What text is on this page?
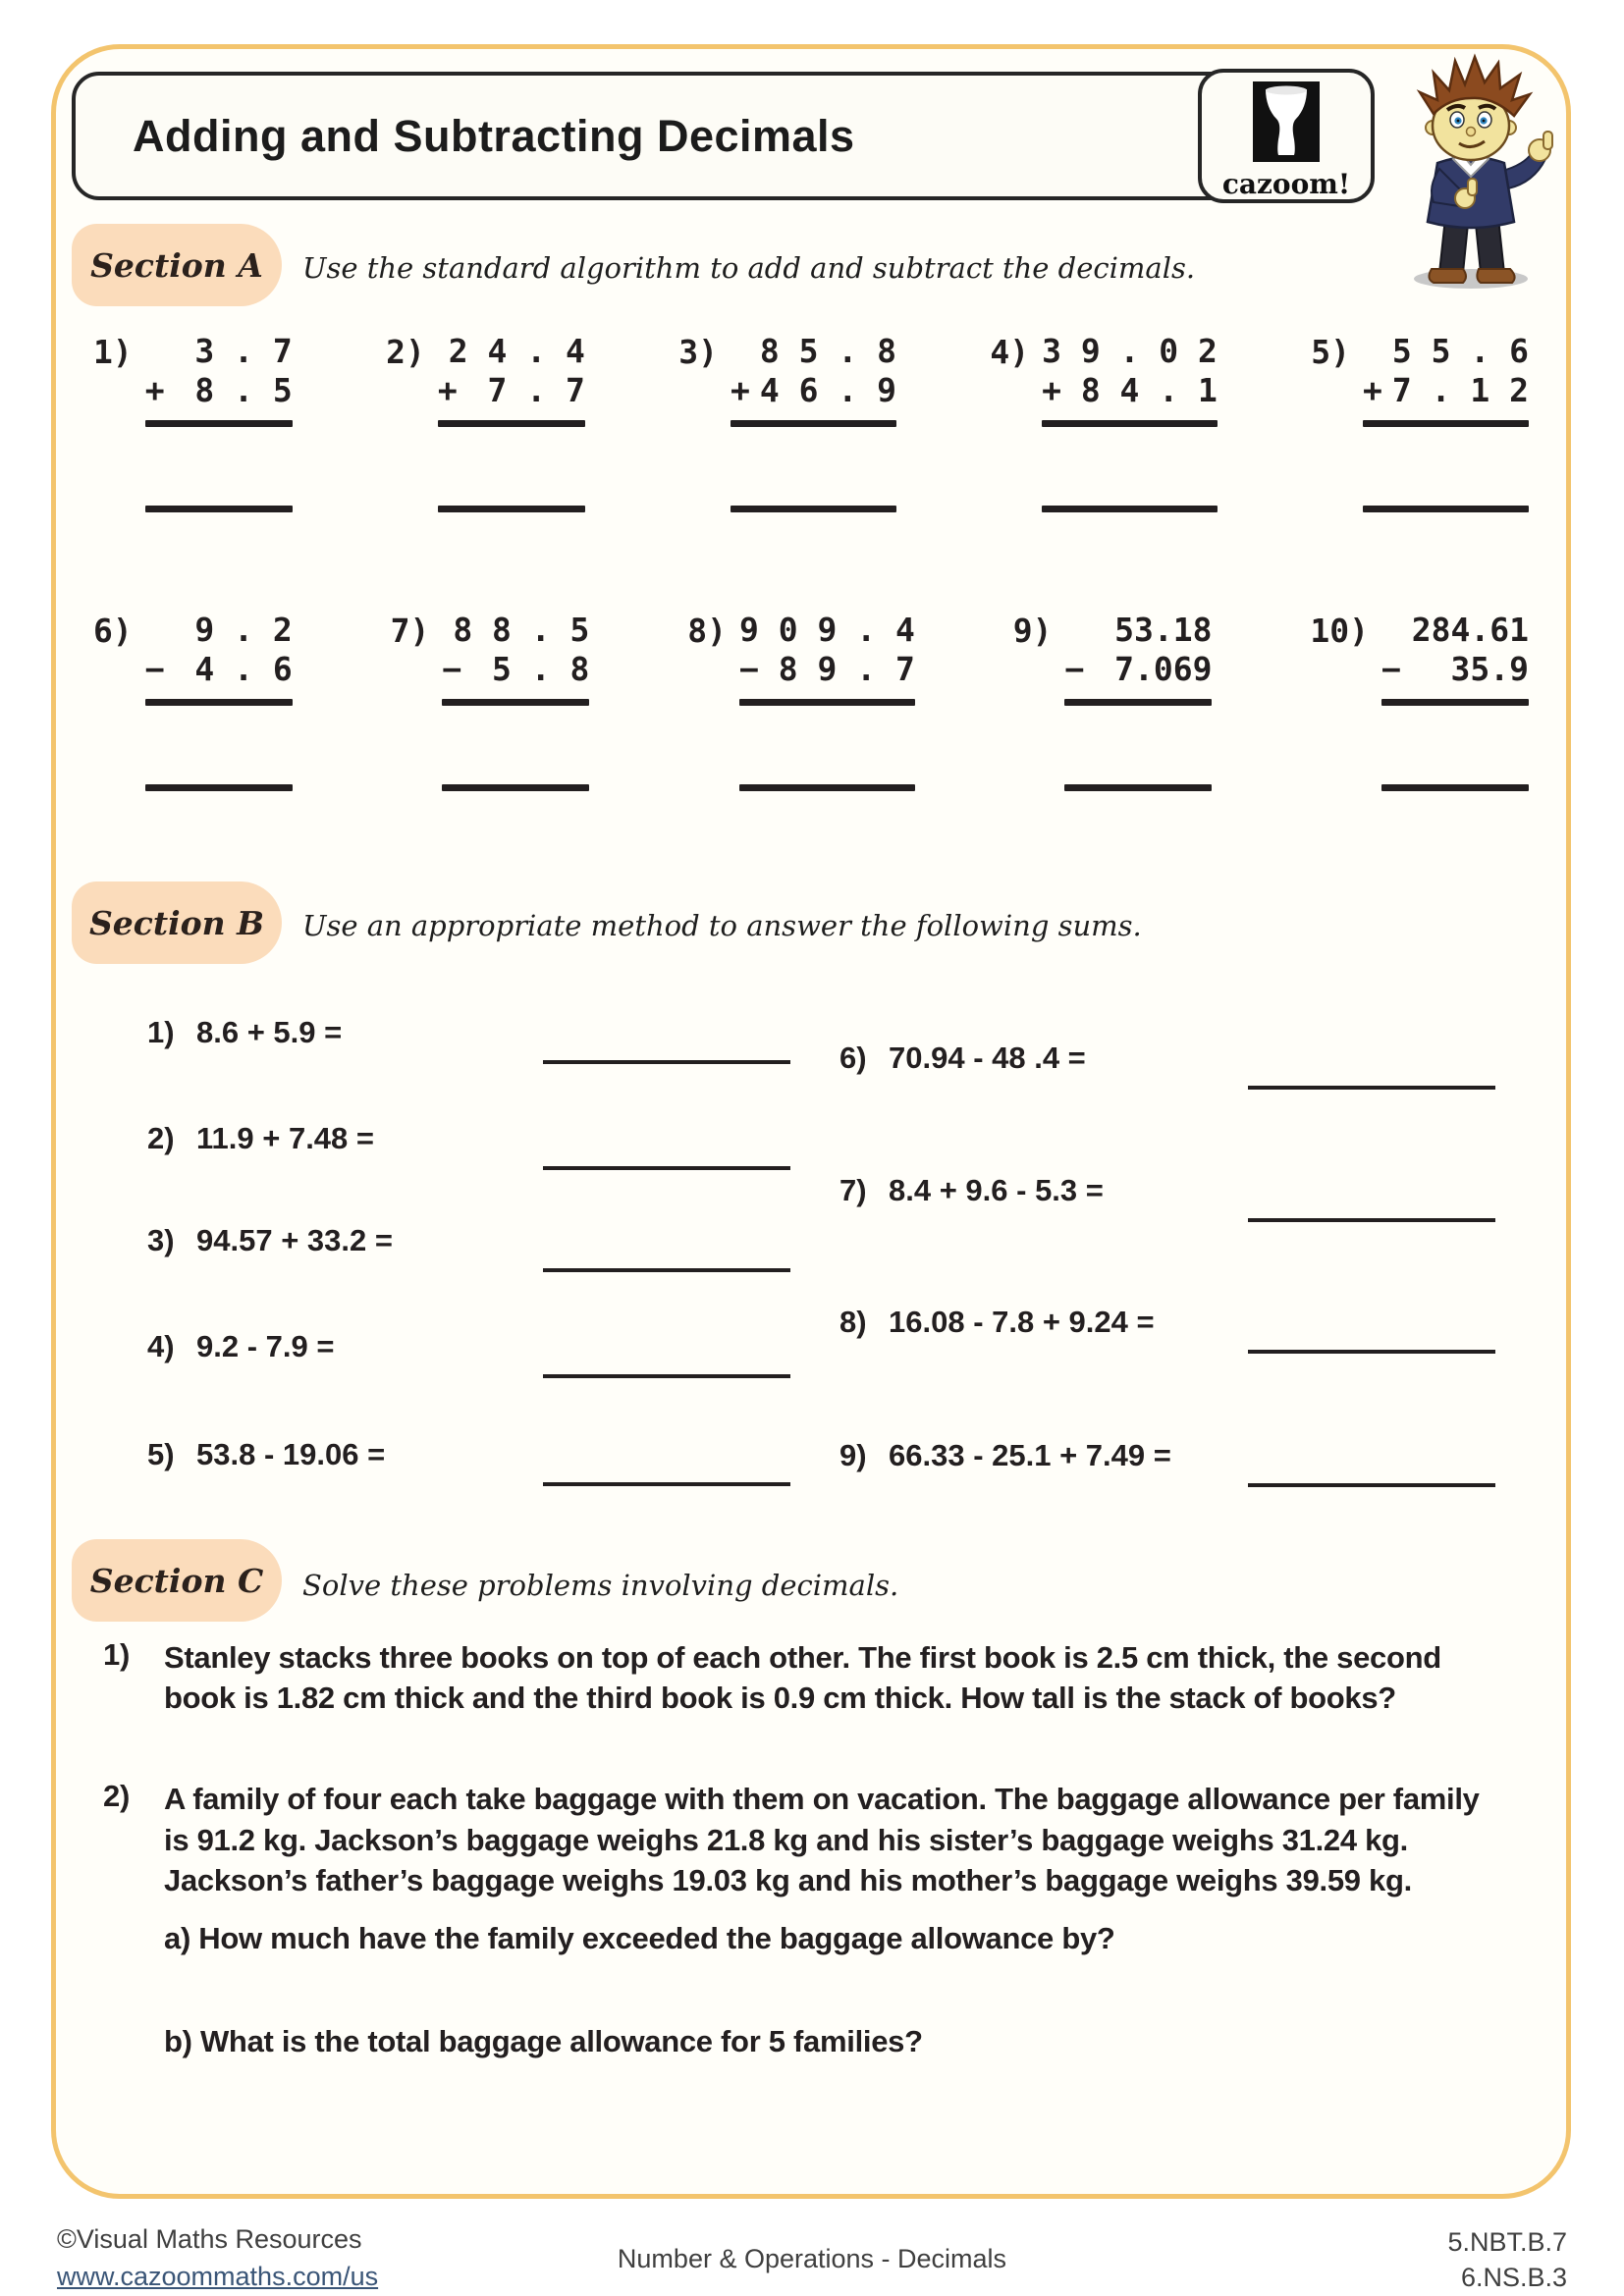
Adding and Subtracting Decimals
cazoom!
Section A	Use the standard algorithm to add and subtract the decimals.
1)	3 . 7
+ 8 . 5
2) 2 4 . 4
+ 7 . 7
3)	8 5 . 8
+ 4 6 . 9
4) 3 9 . 0 2
+ 8 4 . 1
5)	5 5 . 6
+ 7 . 1 2
6)	9 . 2
− 4 . 6
7) 8 8 . 5
− 5 . 8
8) 9 0 9 . 4
− 8 9 . 7
9)	53.18
− 7.069
10)	284.61
− 35.9
Section B	Use an appropriate method to answer the following sums.
1) 8.6 + 5.9 =
2) 11.9 + 7.48 =
3) 94.57 + 33.2 =
4) 9.2 - 7.9 =
5) 53.8 - 19.06 =
6) 70.94 - 48 .4 =
7) 8.4 + 9.6 - 5.3 =
8) 16.08 - 7.8 + 9.24 =
9) 66.33 - 25.1 + 7.49 =
Section C	Solve these problems involving decimals.
1)	Stanley stacks three books on top of each other. The first book is 2.5 cm thick, the second book is 1.82 cm thick and the third book is 0.9 cm thick. How tall is the stack of books?
2)	A family of four each take baggage with them on vacation. The baggage allowance per family is 91.2 kg. Jackson’s baggage weighs 21.8 kg and his sister’s baggage weighs 31.24 kg. Jackson’s father’s baggage weighs 19.03 kg and his mother’s baggage weighs 39.59 kg.
a) How much have the family exceeded the baggage allowance by?
b) What is the total baggage allowance for 5 families?
©Visual Maths Resources
www.cazoommaths.com/us
Number & Operations - Decimals
5.NBT.B.7
6.NS.B.3
